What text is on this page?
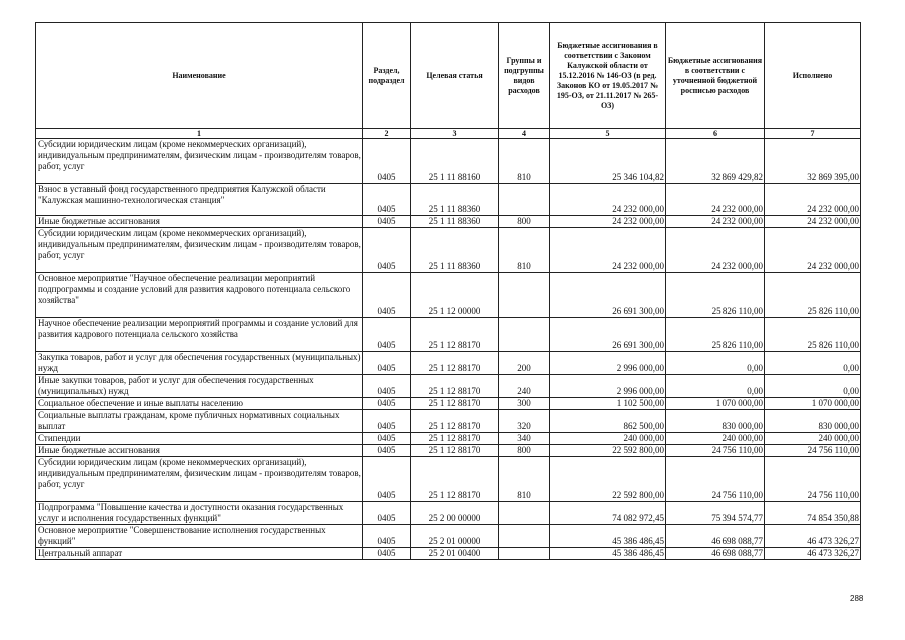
Наименование	Раздел, подраздел	Целевая статья	Группы и подгруппы видов расходов	Бюджетные ассигнования в соответствии с Законом Калужской области от 15.12.2016 № 146-ОЗ (в ред. Законов КО от 19.05.2017 № 195-ОЗ, от 21.11.2017 № 265-ОЗ)	Бюджетные ассигнования в соответствии с уточненной бюджетной росписью расходов	Исполнено
1	2	3	4	5	6	7
Субсидии юридическим лицам (кроме некоммерческих организаций), индивидуальным предпринимателям, физическим лицам - производителям товаров, работ, услуг	0405	25 1 11 88160	810	25 346 104,82	32 869 429,82	32 869 395,00
Взнос в уставный фонд государственного предприятия Калужской области "Калужская машинно-технологическая станция"	0405	25 1 11 88360		24 232 000,00	24 232 000,00	24 232 000,00
Иные бюджетные ассигнования	0405	25 1 11 88360	800	24 232 000,00	24 232 000,00	24 232 000,00
Субсидии юридическим лицам (кроме некоммерческих организаций), индивидуальным предпринимателям, физическим лицам - производителям товаров, работ, услуг	0405	25 1 11 88360	810	24 232 000,00	24 232 000,00	24 232 000,00
Основное мероприятие "Научное обеспечение реализации мероприятий подпрограммы и создание условий для развития кадрового потенциала сельского хозяйства"	0405	25 1 12 00000		26 691 300,00	25 826 110,00	25 826 110,00
Научное обеспечение реализации мероприятий программы и создание условий для развития кадрового потенциала сельского хозяйства	0405	25 1 12 88170		26 691 300,00	25 826 110,00	25 826 110,00
Закупка товаров, работ и услуг для обеспечения государственных (муниципальных) нужд	0405	25 1 12 88170	200	2 996 000,00	0,00	0,00
Иные закупки товаров, работ и услуг для обеспечения государственных (муниципальных) нужд	0405	25 1 12 88170	240	2 996 000,00	0,00	0,00
Социальное обеспечение и иные выплаты населению	0405	25 1 12 88170	300	1 102 500,00	1 070 000,00	1 070 000,00
Социальные выплаты гражданам, кроме публичных нормативных социальных выплат	0405	25 1 12 88170	320	862 500,00	830 000,00	830 000,00
Стипендии	0405	25 1 12 88170	340	240 000,00	240 000,00	240 000,00
Иные бюджетные ассигнования	0405	25 1 12 88170	800	22 592 800,00	24 756 110,00	24 756 110,00
Субсидии юридическим лицам (кроме некоммерческих организаций), индивидуальным предпринимателям, физическим лицам - производителям товаров, работ, услуг	0405	25 1 12 88170	810	22 592 800,00	24 756 110,00	24 756 110,00
Подпрограмма "Повышение качества и доступности оказания государственных услуг и исполнения государственных функций"	0405	25 2 00 00000		74 082 972,45	75 394 574,77	74 854 350,88
Основное мероприятие "Совершенствование исполнения государственных функций"	0405	25 2 01 00000		45 386 486,45	46 698 088,77	46 473 326,27
Центральный аппарат	0405	25 2 01 00400		45 386 486,45	46 698 088,77	46 473 326,27
288
